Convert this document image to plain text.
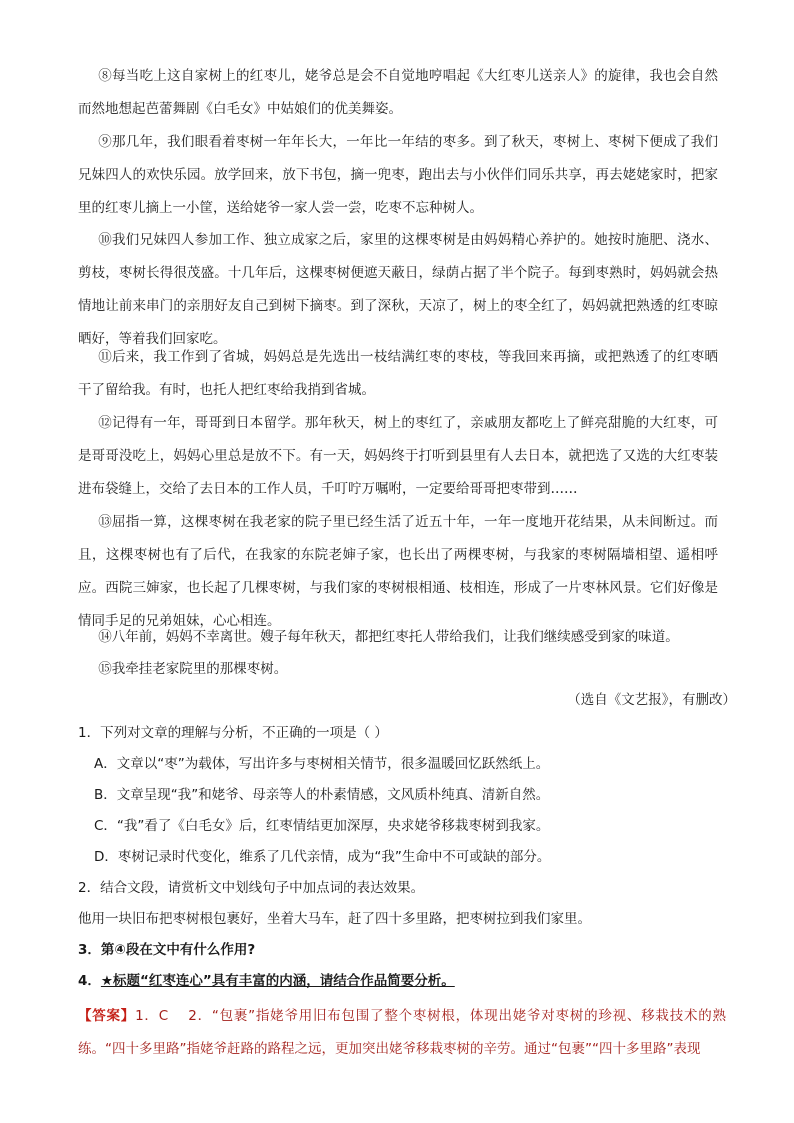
⑧每当吃上这自家树上的红枣儿，姥爷总是会不自觉地哼唱起《大红枣儿送亲人》的旋律，我也会自然而然地想起芭蕾舞剧《白毛女》中姑娘们的优美舞姿。

⑨那几年，我们眼看着枣树一年年长大，一年比一年结的枣多。到了秋天，枣树上、枣树下便成了我们兄妹四人的欢快乐园。放学回来，放下书包，摘一兜枣，跑出去与小伙伴们同乐共享，再去姥姥家时，把家里的红枣儿摘上一小筐，送给姥爷一家人尝一尝，吃枣不忘种树人。

⑩我们兄妹四人参加工作、独立成家之后，家里的这棵枣树是由妈妈精心养护的。她按时施肥、浇水、剪枝，枣树长得很茂盛。十几年后，这棵枣树便遮天蔽日，绿荫占据了半个院子。每到枣熟时，妈妈就会热情地让前来串门的亲朋好友自己到树下摘枣。到了深秋，天凉了，树上的枣全红了，妈妈就把熟透的红枣晾晒好，等着我们回家吃。

⑪后来，我工作到了省城，妈妈总是先选出一枝结满红枣的枣枝，等我回来再摘，或把熟透了的红枣晒干了留给我。有时，也托人把红枣给我捎到省城。

⑫记得有一年，哥哥到日本留学。那年秋天，树上的枣红了，亲戚朋友都吃上了鲜亮甜脆的大红枣，可是哥哥没吃上，妈妈心里总是放不下。有一天，妈妈终于打听到县里有人去日本，就把选了又选的大红枣装进布袋缝上，交给了去日本的工作人员，千叮咛万嘱咐，一定要给哥哥把枣带到……

⑬屈指一算，这棵枣树在我老家的院子里已经生活了近五十年，一年一度地开花结果，从未间断过。而且，这棵枣树也有了后代，在我家的东院老婶子家，也长出了两棵枣树，与我家的枣树隔墙相望、遥相呼应。西院三婶家，也长起了几棵枣树，与我们家的枣树根相通、枝相连，形成了一片枣林风景。它们好像是情同手足的兄弟姐妹，心心相连。

⑭八年前，妈妈不幸离世。嫂子每年秋天，都把红枣托人带给我们，让我们继续感受到家的味道。

⑮我牵挂老家院里的那棵枣树。

（选自《文艺报》，有删改）
1．下列对文章的理解与分析，不正确的一项是（ ）
A．文章以“枣”为载体，写出许多与枣树相关情节，很多温暖回忆跃然纸上。
B．文章呈现“我”和姥爷、母亲等人的朴素情感，文风质朴纯真、清新自然。
C．“我”看了《白毛女》后，红枣情结更加深厚，央求姥爷移栽枣树到我家。
D．枣树记录时代变化，维系了几代亲情，成为“我”生命中不可或缺的部分。
2．结合文段，请赏析文中划线句子中加点词的表达效果。
他用一块旧布把枣树根包裹好，坐着大马车，赶了四十多里路，把枣树拉到我们家里。
3．第④段在文中有什么作用?
4．★标题“红枣连心”具有丰富的内涵，请结合作品简要分析。
【答案】1．C　 2．“包裹”指姥爷用旧布包围了整个枣树根，体现出姥爷对枣树的珍视、移栽技术的熟练。“四十多里路”指姥爷赶路的路程之远，更加突出姥爷移栽枣树的辛劳。通过“包裹”“四十多里路”表现
